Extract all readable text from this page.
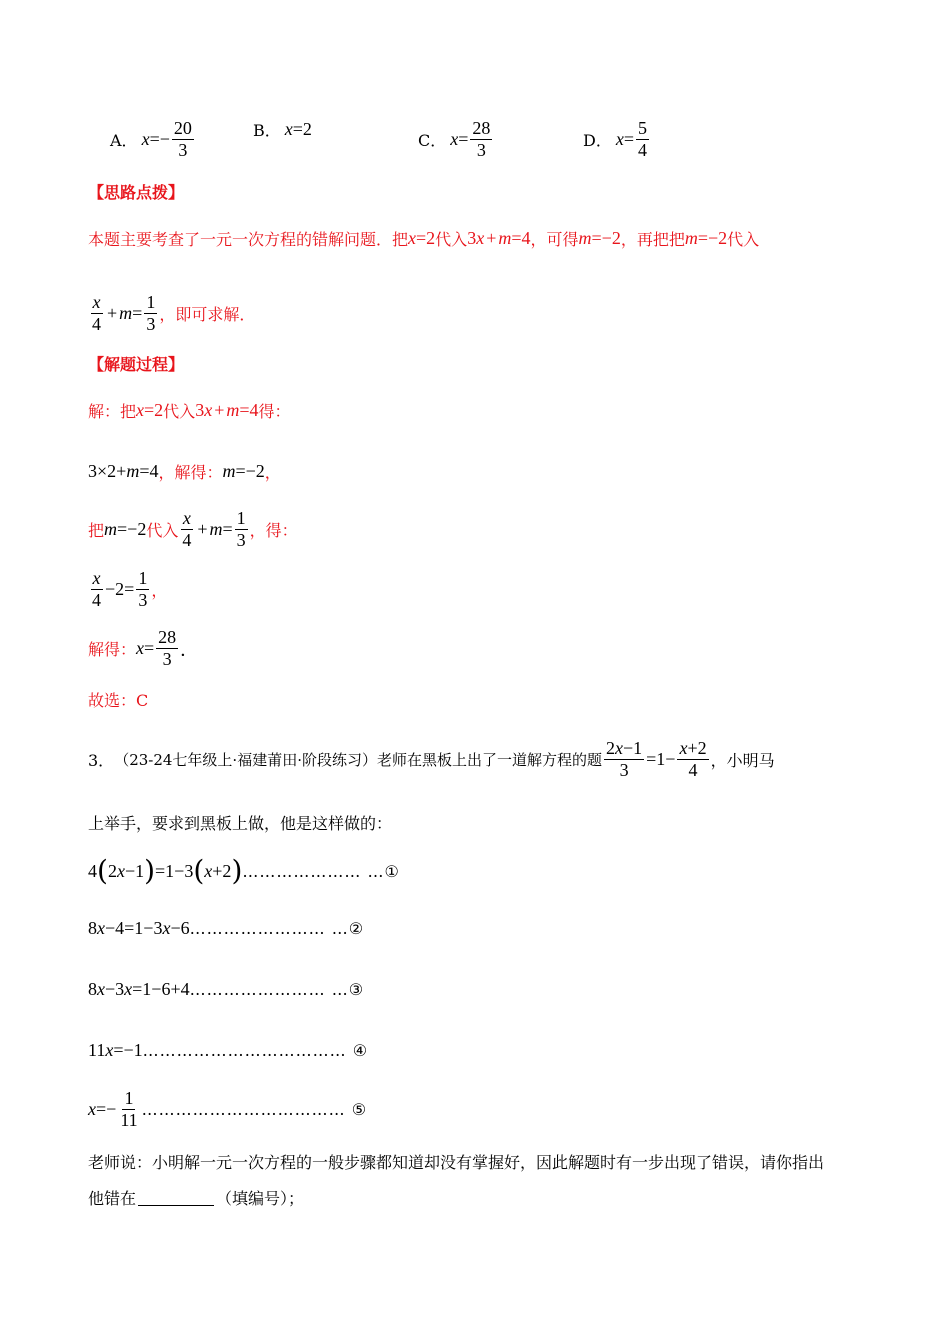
A． $x =- \frac{20}{3}$	B． x =2
C． $x = \frac{28}{3}$	D． $x = \frac{5}{4}$
【思路点拨】
本题主要考查了一元一次方程的错解问题．把 x =2 代入 3 x + m =4 ，可得 m =−2 ，再把把 m =−2 代入
$\frac{x}{4} + m = \frac{1}{3}$ ，即可求解．
【解题过程】
解：把 x =2 代入 3 x + m =4 得：
3×2+ m =4 ，解得： m =−2 ，
把 m =−2 代入 $\frac{x}{4} + m = \frac{1}{3}$ ，得：
$\frac{x}{4} -2= \frac{1}{3}$ ，
解得： $x = \frac{28}{3}$ ．
故选：C
3． （23-24七年级上·福建莆田·阶段练习）老师在黑板上出了一道解方程的题 $\frac{2x-1}{3} =1- \frac{x+2}{4}$ ，小明马
上举手，要求到黑板上做，他是这样做的：
4 ( 2 x −1 ) =1−3 ( x +2 ) ………………… …①
8 x −4=1−3 x −6 …………………… …②
8 x −3 x =1−6+4 …………………… …③
11 x =−1 ……………………………… ④
$x =- \frac{1}{11}$ ……………………………… ⑤
老师说：小明解一元一次方程的一般步骤都知道却没有掌握好，因此解题时有一步出现了错误，请你指出
他错在	（填编号）；
